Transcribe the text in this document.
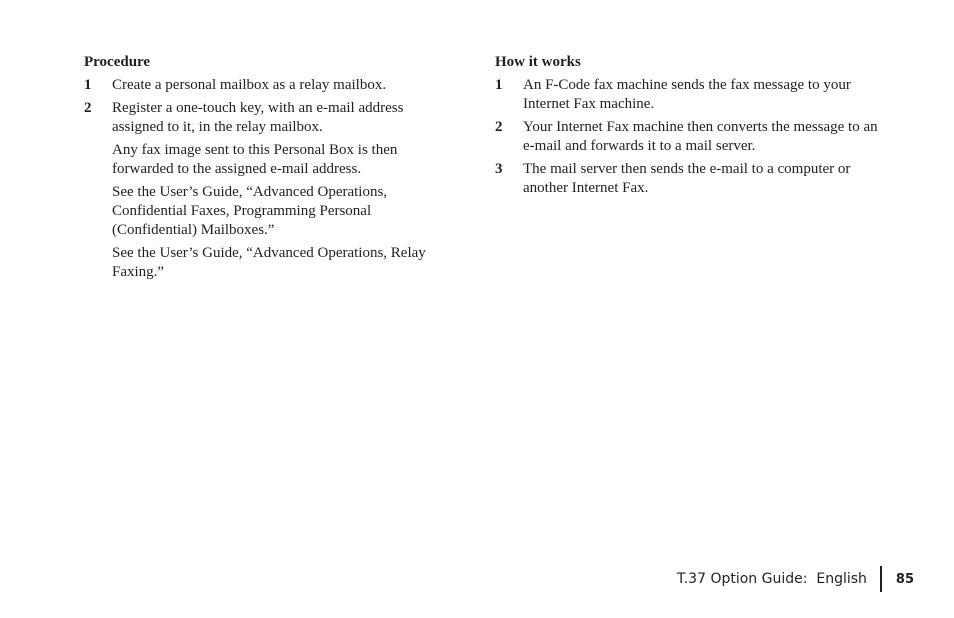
Procedure
1	Create a personal mailbox as a relay mailbox.
2	Register a one-touch key, with an e-mail address assigned to it, in the relay mailbox.
Any fax image sent to this Personal Box is then forwarded to the assigned e-mail address.
See the User’s Guide, “Advanced Operations, Confidential Faxes, Programming Personal (Confidential) Mailboxes.”
See the User’s Guide, “Advanced Operations, Relay Faxing.”
How it works
1	An F-Code fax machine sends the fax message to your Internet Fax machine.
2	Your Internet Fax machine then converts the message to an e-mail and forwards it to a mail server.
3	The mail server then sends the e-mail to a computer or another Internet Fax.
T.37 Option Guide:  English 85
